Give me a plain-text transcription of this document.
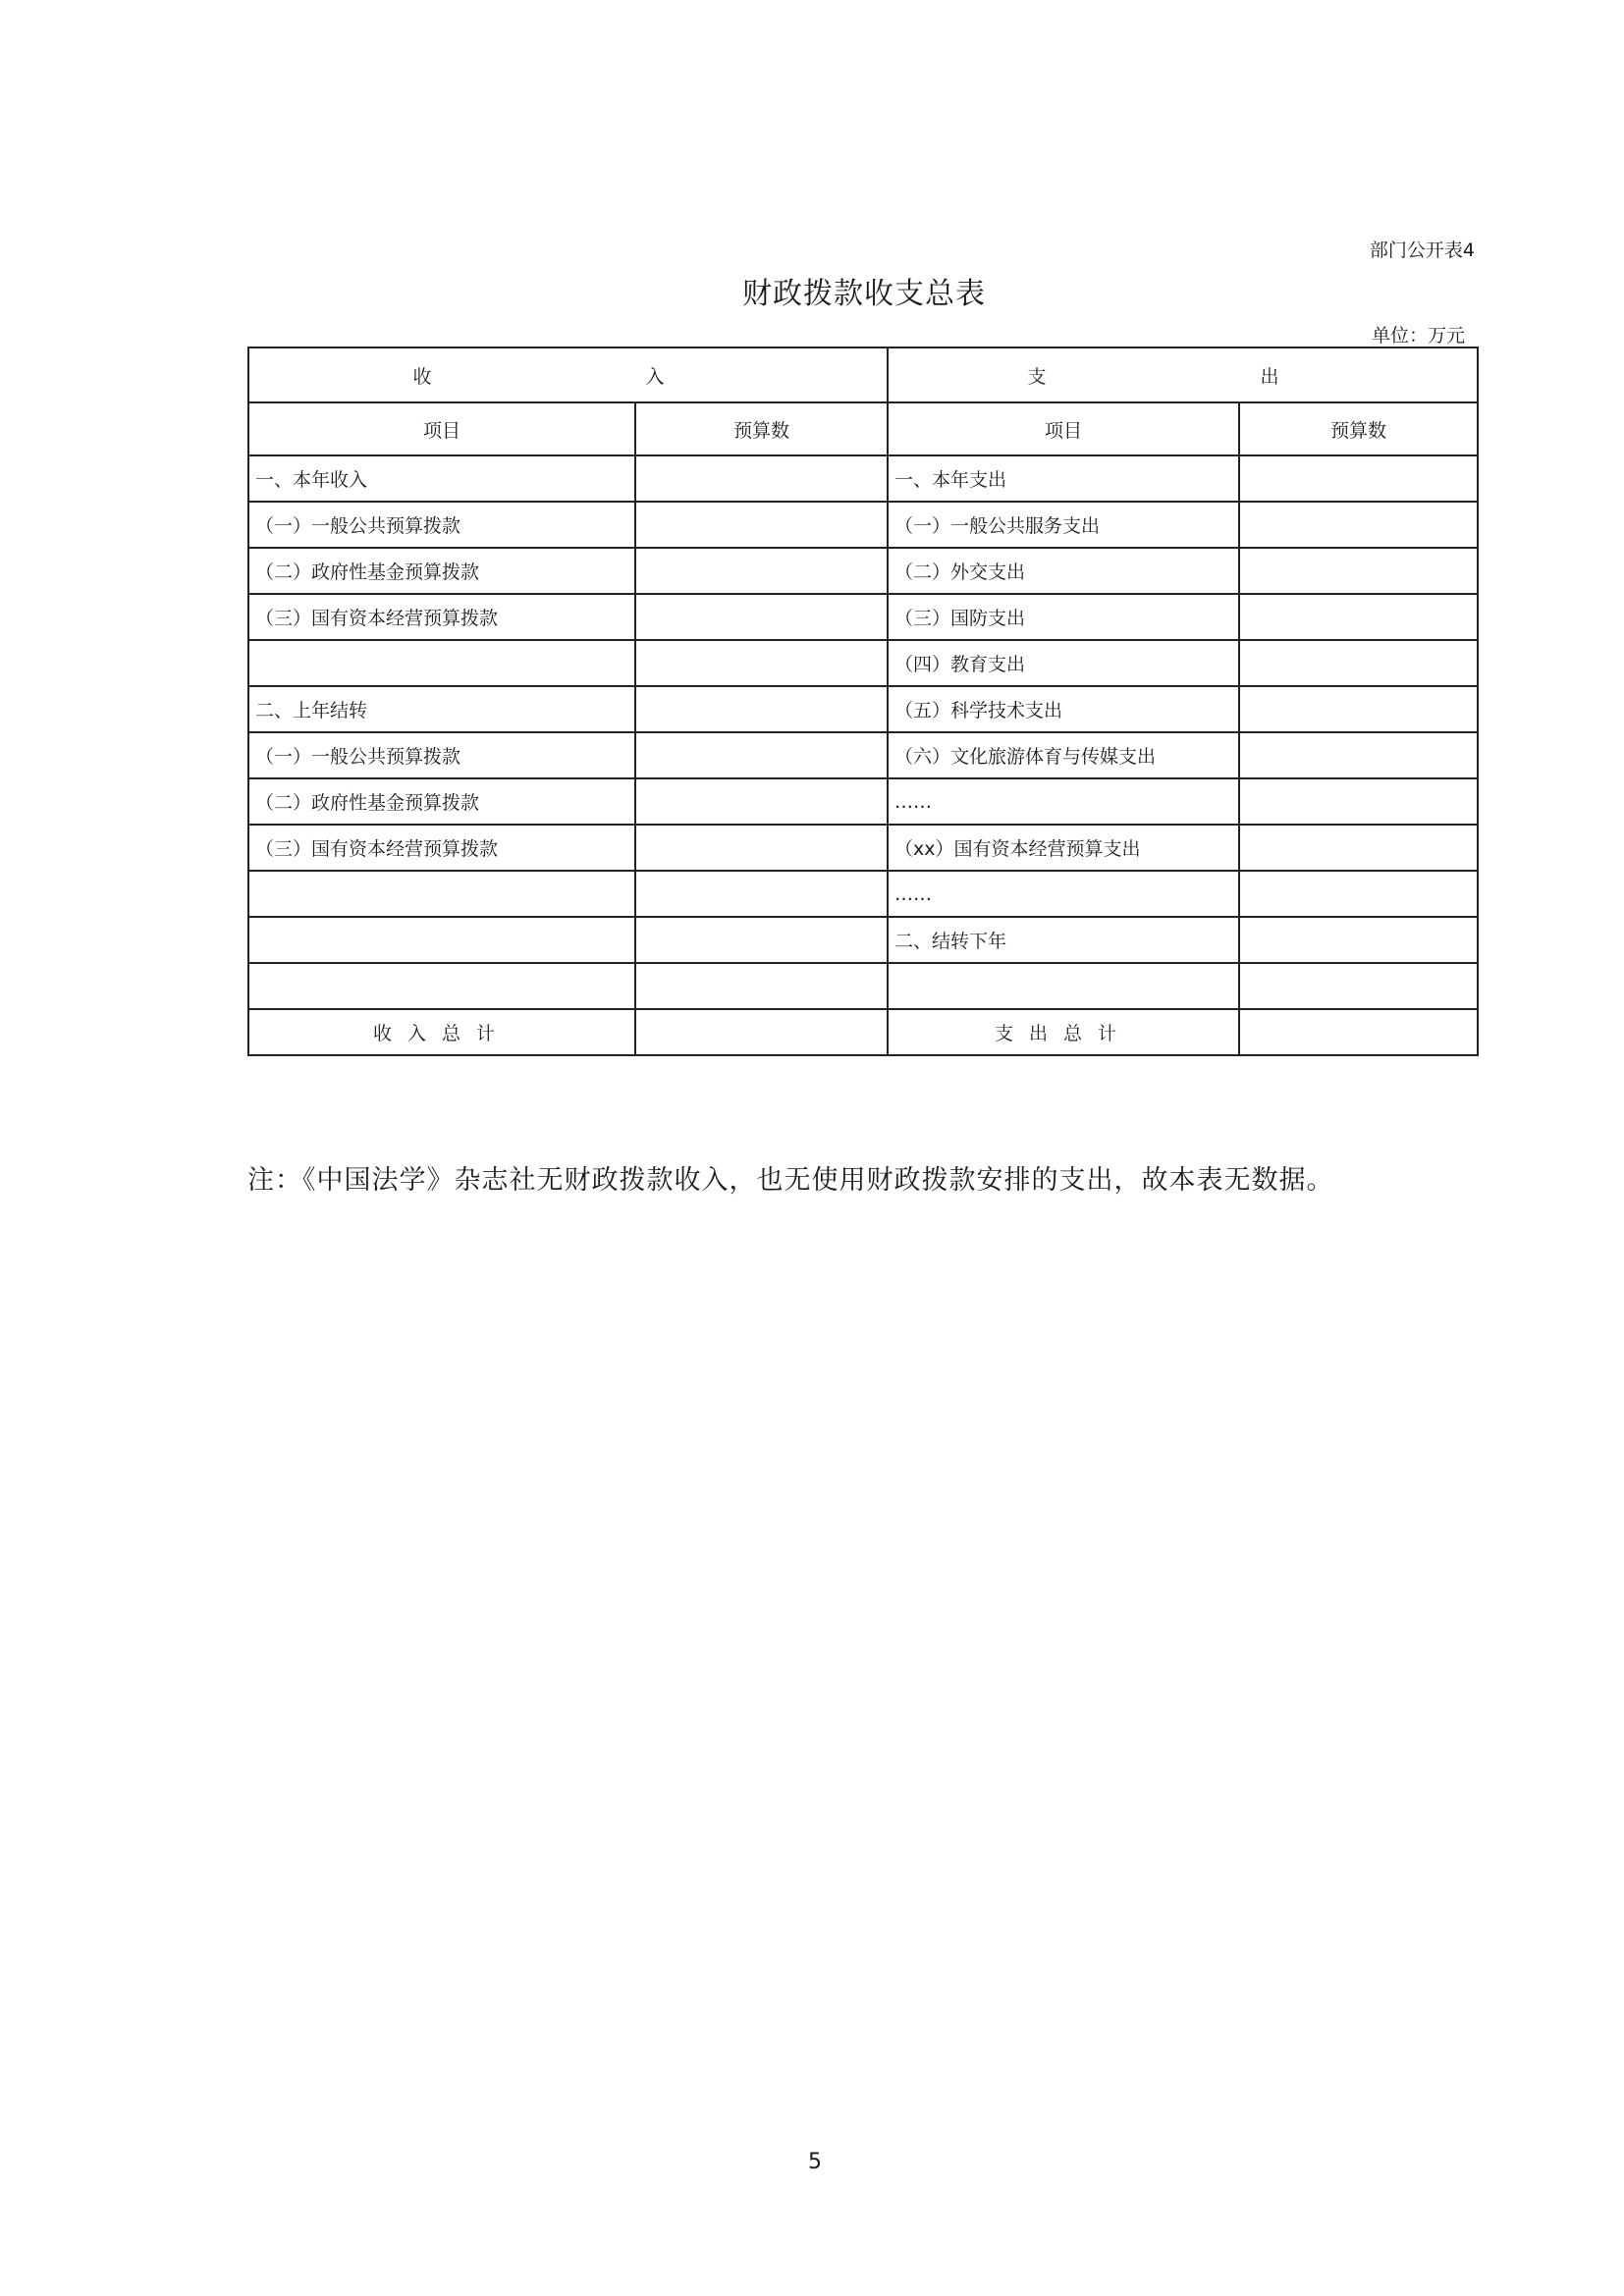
部门公开表4
财政拨款收支总表
单位：万元
收　　入		支　　出	
项目	预算数	项目	预算数
一、本年收入		一、本年支出	
（一）一般公共预算拨款		（一）一般公共服务支出	
（二）政府性基金预算拨款		（二）外交支出	
（三）国有资本经营预算拨款		（三）国防支出	
		（四）教育支出	
二、上年结转		（五）科学技术支出	
（一）一般公共预算拨款		（六）文化旅游体育与传媒支出	
（二）政府性基金预算拨款		……	
（三）国有资本经营预算拨款		（xx）国有资本经营预算支出	
		……	
		二、结转下年	

收入总计		支出总计	
注：《中国法学》杂志社无财政拨款收入，也无使用财政拨款安排的支出，故本表无数据。
5
